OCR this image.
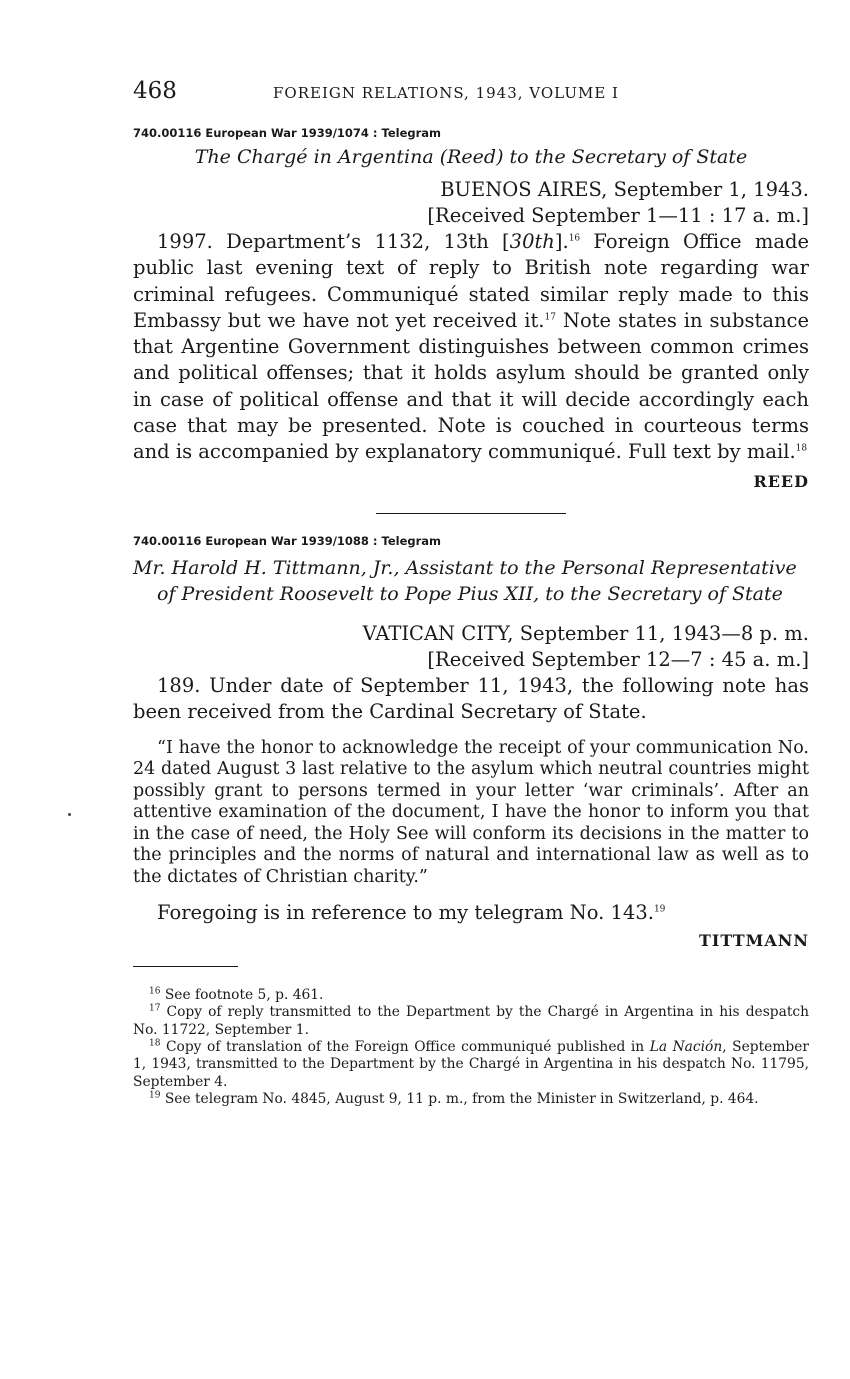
468	FOREIGN RELATIONS, 1943, VOLUME I
740.00116 European War 1939/1074 : Telegram
The Chargé in Argentina (Reed) to the Secretary of State
BUENOS AIRES, September 1, 1943.
[Received September 1—11 : 17 a. m.]

1997. Department’s 1132, 13th [30th].$^{16}$ Foreign Office made public last evening text of reply to British note regarding war criminal refugees. Communiqué stated similar reply made to this Embassy but we have not yet received it.$^{17}$ Note states in substance that Argentine Government distinguishes between common crimes and political offenses; that it holds asylum should be granted only in case of political offense and that it will decide accordingly each case that may be presented. Note is couched in courteous terms and is accompanied by explanatory communiqué. Full text by mail.$^{18}$

REED
740.00116 European War 1939/1088 : Telegram
Mr. Harold H. Tittmann, Jr., Assistant to the Personal Representative of President Roosevelt to Pope Pius XII, to the Secretary of State
VATICAN CITY, September 11, 1943—8 p. m.
[Received September 12—7 : 45 a. m.]

189. Under date of September 11, 1943, the following note has been received from the Cardinal Secretary of State.

“I have the honor to acknowledge the receipt of your communication No. 24 dated August 3 last relative to the asylum which neutral countries might possibly grant to persons termed in your letter ‘war criminals’. After an attentive examination of the document, I have the honor to inform you that in the case of need, the Holy See will conform its decisions in the matter to the principles and the norms of natural and international law as well as to the dictates of Christian charity.”

Foregoing is in reference to my telegram No. 143.19

TITTMANN

$^{16}$ See footnote 5, p. 461.

$^{17}$ Copy of reply transmitted to the Department by the Chargé in Argentina in his despatch No. 11722, September 1.

$^{18}$ Copy of translation of the Foreign Office communiqué published in La Nación, September 1, 1943, transmitted to the Department by the Chargé in Argentina in his despatch No. 11795, September 4.

$^{19}$ See telegram No. 4845, August 9, 11 p. m., from the Minister in Switzerland, p. 464.
